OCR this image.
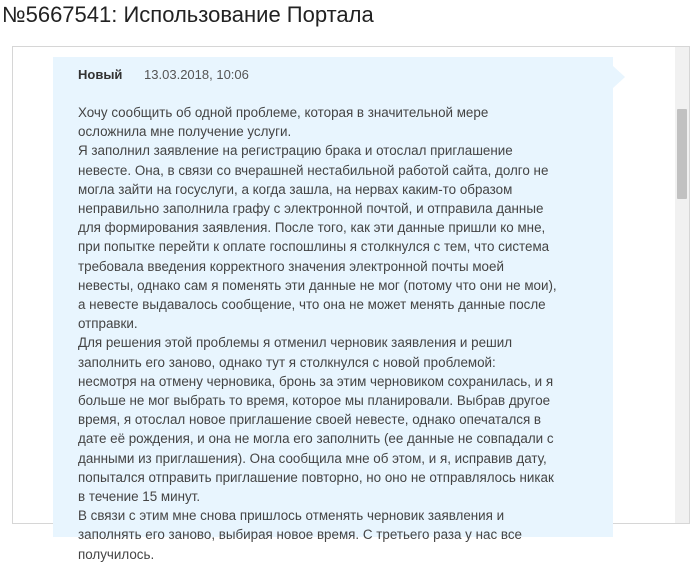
№5667541: Использование Портала
Новый 13.03.2018, 10:06

Хочу сообщить об одной проблеме, которая в значительной мере осложнила мне получение услуги.

Я заполнил заявление на регистрацию брака и отослал приглашение невесте. Она, в связи со вчерашней нестабильной работой сайта, долго не могла зайти на госуслуги, а когда зашла, на нервах каким-то образом неправильно заполнила графу с электронной почтой, и отправила данные для формирования заявления. После того, как эти данные пришли ко мне, при попытке перейти к оплате госпошлины я столкнулся с тем, что система требовала введения корректного значения электронной почты моей невесты, однако сам я поменять эти данные не мог (потому что они не мои), а невесте выдавалось сообщение, что она не может менять данные после отправки.

Для решения этой проблемы я отменил черновик заявления и решил заполнить его заново, однако тут я столкнулся с новой проблемой: несмотря на отмену черновика, бронь за этим черновиком сохранилась, и я больше не мог выбрать то время, которое мы планировали. Выбрав другое время, я отослал новое приглашение своей невесте, однако опечатался в дате её рождения, и она не могла его заполнить (ее данные не совпадали с данными из приглашения). Она сообщила мне об этом, и я, исправив дату, попытался отправить приглашение повторно, но оно не отправлялось никак в течение 15 минут.

В связи с этим мне снова пришлось отменять черновик заявления и заполнять его заново, выбирая новое время. С третьего раза у нас все получилось.
